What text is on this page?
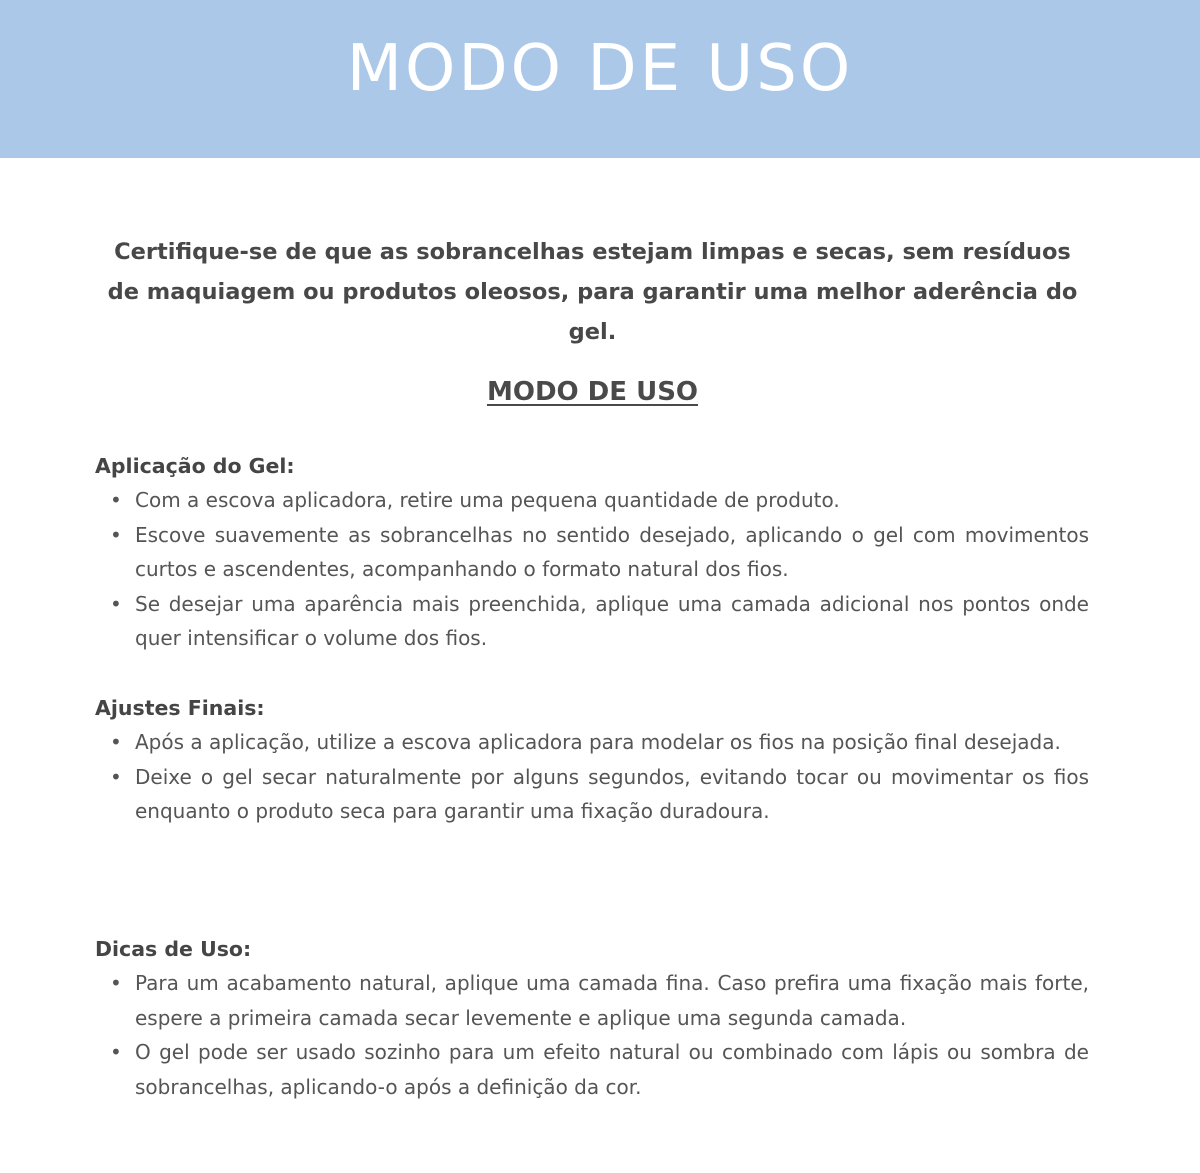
MODO DE USO

Certifique-se de que as sobrancelhas estejam limpas e secas, sem resíduos de maquiagem ou produtos oleosos, para garantir uma melhor aderência do gel.

MODO DE USO
Aplicação do Gel:
• Com a escova aplicadora, retire uma pequena quantidade de produto.
• Escove suavemente as sobrancelhas no sentido desejado, aplicando o gel com movimentos curtos e ascendentes, acompanhando o formato natural dos fios.
• Se desejar uma aparência mais preenchida, aplique uma camada adicional nos pontos onde quer intensificar o volume dos fios.
Ajustes Finais:
• Após a aplicação, utilize a escova aplicadora para modelar os fios na posição final desejada.
• Deixe o gel secar naturalmente por alguns segundos, evitando tocar ou movimentar os fios enquanto o produto seca para garantir uma fixação duradoura.
Dicas de Uso:
• Para um acabamento natural, aplique uma camada fina. Caso prefira uma fixação mais forte, espere a primeira camada secar levemente e aplique uma segunda camada.
• O gel pode ser usado sozinho para um efeito natural ou combinado com lápis ou sombra de sobrancelhas, aplicando-o após a definição da cor.
